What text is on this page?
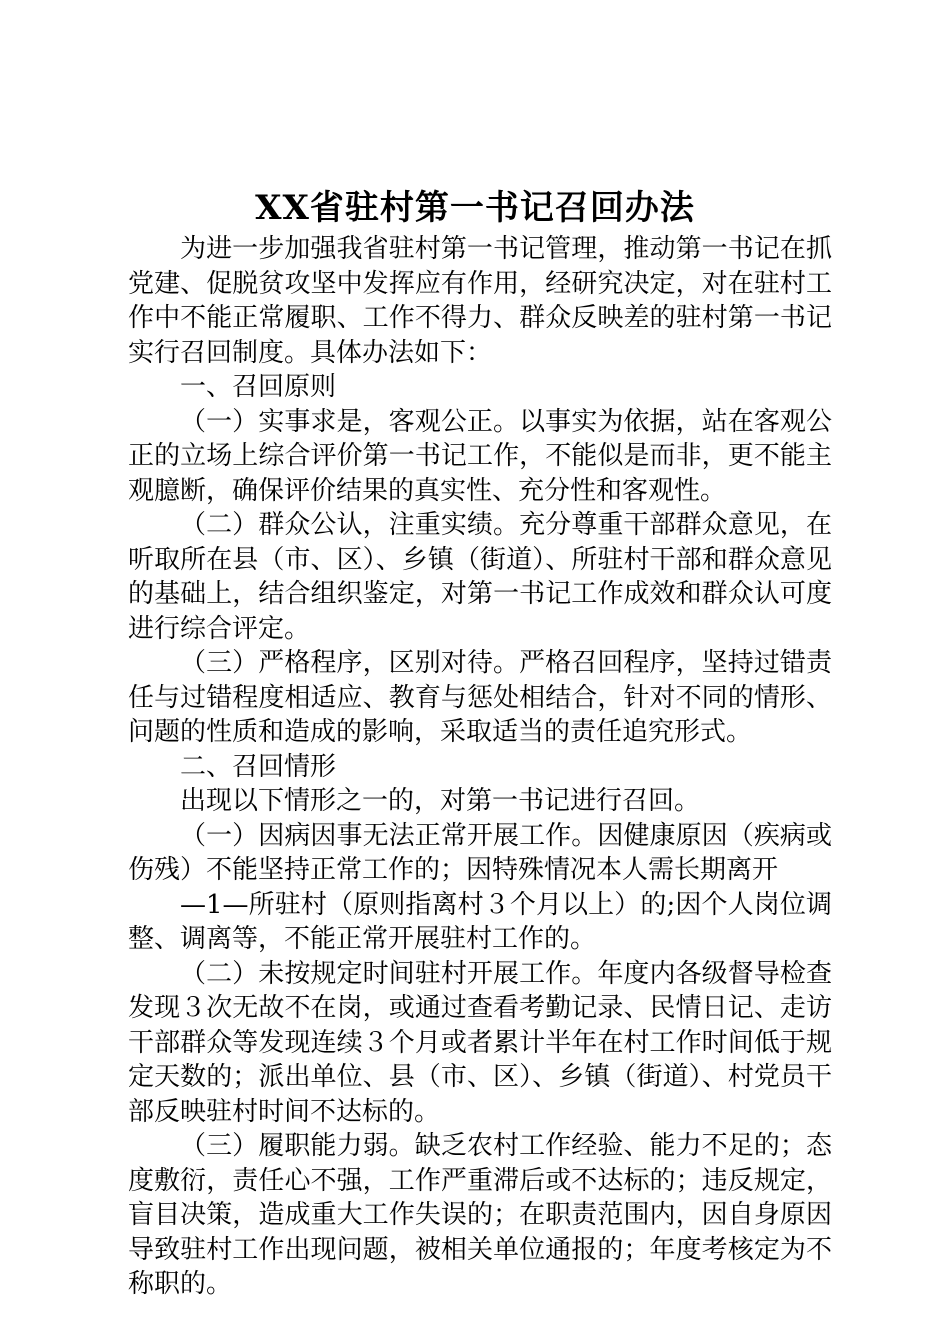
XX省驻村第一书记召回办法

为进一步加强我省驻村第一书记管理，推动第一书记在抓党建、促脱贫攻坚中发挥应有作用，经研究决定，对在驻村工作中不能正常履职、工作不得力、群众反映差的驻村第一书记实行召回制度。具体办法如下：

一、召回原则

（一）实事求是，客观公正。以事实为依据，站在客观公正的立场上综合评价第一书记工作，不能似是而非，更不能主观臆断，确保评价结果的真实性、充分性和客观性。

（二）群众公认，注重实绩。充分尊重干部群众意见，在听取所在县（市、区）、乡镇（街道）、所驻村干部和群众意见的基础上，结合组织鉴定，对第一书记工作成效和群众认可度进行综合评定。

（三）严格程序，区别对待。严格召回程序，坚持过错责任与过错程度相适应、教育与惩处相结合，针对不同的情形、问题的性质和造成的影响，采取适当的责任追究形式。

二、召回情形

出现以下情形之一的，对第一书记进行召回。

（一）因病因事无法正常开展工作。因健康原因（疾病或伤残）不能坚持正常工作的；因特殊情况本人需长期离开

—1—所驻村（原则指离村３个月以上）的;因个人岗位调整、调离等，不能正常开展驻村工作的。

（二）未按规定时间驻村开展工作。年度内各级督导检查发现３次无故不在岗，或通过查看考勤记录、民情日记、走访干部群众等发现连续３个月或者累计半年在村工作时间低于规定天数的；派出单位、县（市、区）、乡镇（街道）、村党员干部反映驻村时间不达标的。

（三）履职能力弱。缺乏农村工作经验、能力不足的；态度敷衍，责任心不强，工作严重滞后或不达标的；违反规定，盲目决策，造成重大工作失误的；在职责范围内，因自身原因导致驻村工作出现问题，被相关单位通报的；年度考核定为不称职的。
